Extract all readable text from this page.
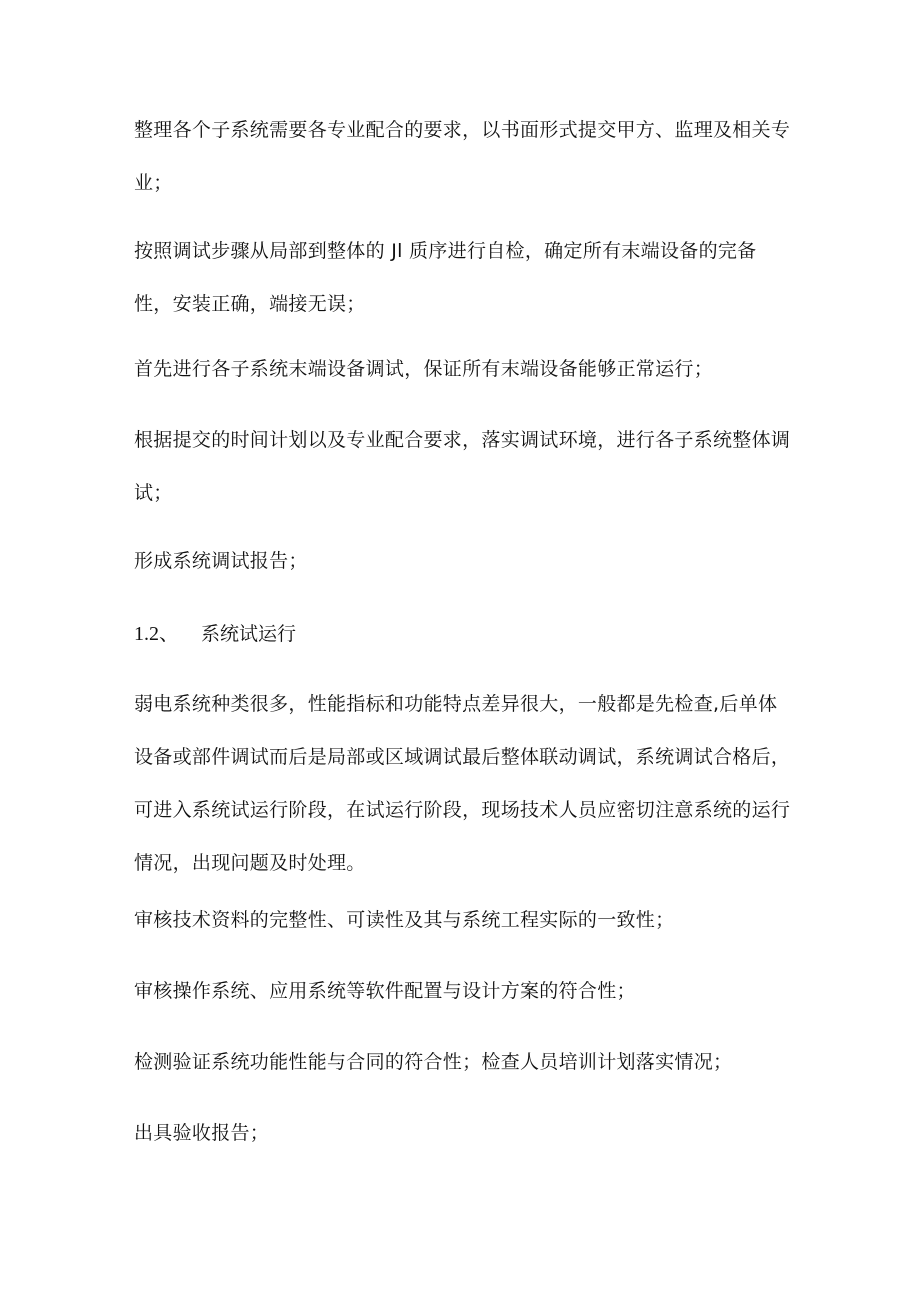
整理各个子系统需要各专业配合的要求，以书面形式提交甲方、监理及相关专业；

按照调试步骤从局部到整体的 Jl 质序进行自检，确定所有末端设备的完备性，安装正确，端接无误；

首先进行各子系统末端设备调试，保证所有末端设备能够正常运行；

根据提交的时间计划以及专业配合要求，落实调试环境，进行各子系统整体调试；

形成系统调试报告；

1.2、 系统试运行

弱电系统种类很多，性能指标和功能特点差异很大，一般都是先检查,后单体设备或部件调试而后是局部或区域调试最后整体联动调试，系统调试合格后，可进入系统试运行阶段，在试运行阶段，现场技术人员应密切注意系统的运行情况，出现问题及时处理。

审核技术资料的完整性、可读性及其与系统工程实际的一致性；

审核操作系统、应用系统等软件配置与设计方案的符合性；

检测验证系统功能性能与合同的符合性；检查人员培训计划落实情况；

出具验收报告；
